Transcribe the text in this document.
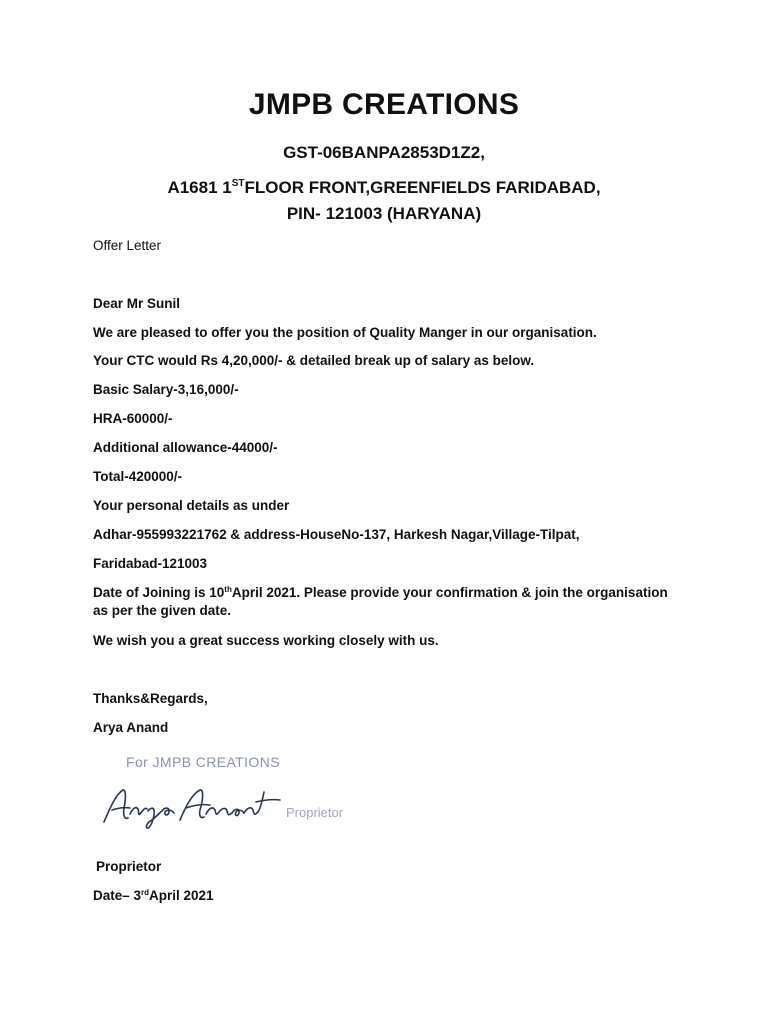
JMPB CREATIONS
GST-06BANPA2853D1Z2,
A1681 1STFLOOR FRONT,GREENFIELDS FARIDABAD,
PIN- 121003 (HARYANA)
Offer Letter
Dear Mr Sunil
We are pleased to offer you the position of Quality Manger in our organisation.
Your CTC would Rs 4,20,000/- & detailed break up of salary as below.
Basic Salary-3,16,000/-
HRA-60000/-
Additional allowance-44000/-
Total-420000/-
Your personal details as under
Adhar-955993221762 & address-HouseNo-137, Harkesh Nagar,Village-Tilpat,
Faridabad-121003
Date of Joining is 10thApril 2021. Please provide your confirmation & join the organisation as per the given date.
We wish you a great success working closely with us.
Thanks&Regards,
Arya Anand
For JMPB CREATIONS
Proprietor
Proprietor
Date– 3rdApril 2021
